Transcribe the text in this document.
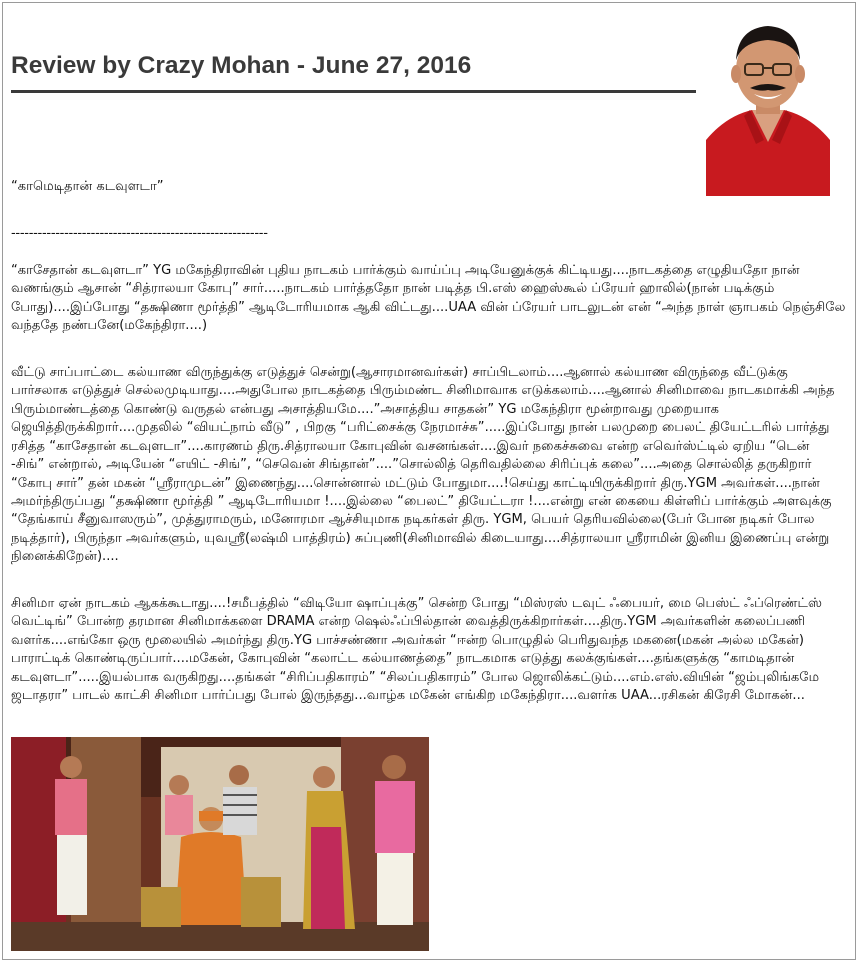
Review by Crazy Mohan - June 27, 2016

“காமெடிதான் கடவுளடா”

----------------------------------------------------------

“காசேதான் கடவுளடா” YG மகேந்திராவின் புதிய நாடகம் பார்க்கும் வாய்ப்பு அடியேனுக்குக் கிட்டியது....நாடகத்தை எழுதியதோ நான் வணங்கும் ஆசான் “சித்ராலயா கோபு” சார்.....நாடகம் பார்த்ததோ நான் படித்த பி.எஸ் ஹைஸ்கூல் ப்ரேயர் ஹாலில்(நான் படிக்கும் போது)....இப்போது “தக்ஷிணா மூர்த்தி” ஆடிடோரியமாக ஆகி விட்டது....UAA வின் ப்ரேயர் பாடலுடன் என் “அந்த நாள் ஞாபகம் நெஞ்சிலே வந்ததே நண்பனே(மகேந்திரா....)

வீட்டு சாப்பாட்டை கல்யாண விருந்துக்கு எடுத்துச் சென்று(ஆசாரமானவர்கள்) சாப்பிடலாம்....ஆனால் கல்யாண விருந்தை வீட்டுக்கு பார்சலாக எடுத்துச் செல்லமுடியாது....அதுபோல நாடகத்தை பிரும்மண்ட சினிமாவாக எடுக்கலாம்....ஆனால் சினிமாவை நாடகமாக்கி அந்த பிரும்மாண்டத்தை கொண்டு வருதல் என்பது அசாத்தியமே....”அசாத்திய சாதகன்” YG மகேந்திரா மூன்றாவது முறையாக ஜெயித்திருக்கிறார்....முதலில் “வியட்நாம் வீடு” , பிறகு “பரிட்சைக்கு நேரமாச்சு”.....இப்போது நான் பலமுறை பைலட் தியேட்டரில் பார்த்து ரசித்த “காசேதான் கடவுளடா”....காரணம் திரு.சித்ராலயா கோபுவின் வசனங்கள்....இவர் நகைச்சுவை என்ற எவெர்ஸ்ட்டில் ஏறிய “டென் -சிங்” என்றால், அடியேன் “எயிட் -சிங்”, “செவென் சிங்தான்”....”சொல்லித் தெரிவதில்லை சிரிப்புக் கலை”....அதை சொல்லித் தருகிறார் “கோபு சார்” தன் மகன் “ஸ்ரீராமுடன்” இணைந்து....சொன்னால் மட்டும் போதுமா....!செய்து காட்டியிருக்கிறார் திரு.YGM அவர்கள்....நான் அமர்ந்திருப்பது “தக்ஷிணா மூர்த்தி ” ஆடிடோரியமா !....இல்லை “பைலட்” தியேட்டரா !....என்று என் கையை கிள்ளிப் பார்க்கும் அளவுக்கு “தேங்காய் சீனுவாஸரும்”, முத்துராமரும், மனோரமா ஆச்சியுமாக நடிகர்கள் திரு. YGM, பெயர் தெரியவில்லை(பேர் போன நடிகர் போல நடித்தார்), பிருந்தா அவர்களும், யுவஸ்ரீ(லஷ்மி பாத்திரம்) சுப்புணி(சினிமாவில் கிடையாது....சித்ராலயா ஸ்ரீராமின் இனிய இணைப்பு என்று நினைக்கிறேன்)....

சினிமா ஏன் நாடகம் ஆகக்கூடாது....!சமீபத்தில் “விடியோ ஷாப்புக்கு” சென்ற போது “மிஸ்ரஸ் டவுட் ஃபையர், மை பெஸ்ட் ஃப்ரெண்ட்ஸ் வெட்டிங்” போன்ற தரமான சினிமாக்களை DRAMA என்ற ஷெல்ஃப்பில்தான் வைத்திருக்கிறார்கள்....திரு.YGM அவர்களின் கலைப்பணி வளர்க....எங்கோ ஒரு மூலையில் அமர்ந்து திரு.YG பாச்சண்ணா அவர்கள் “ஈன்ற பொழுதில் பெரிதுவந்த மகனை(மகன் அல்ல மகேன்) பாராட்டிக் கொண்டிருப்பார்....மகேன், கோபுவின் “கலாட்ட கல்யாணத்தை” நாடகமாக எடுத்து கலக்குங்கள்....தங்களுக்கு “காமடிதான் கடவுளடா”.....இயல்பாக வருகிறது....தங்கள் “சிரிப்பதிகாரம்” “சிலப்பதிகாரம்” போல ஜொலிக்கட்டும்....எம்.எஸ்.வியின் “ஜம்புலிங்கமே ஜடாதரா” பாடல் காட்சி சினிமா பார்ப்பது போல் இருந்தது...வாழ்க மகேன் எங்கிற மகேந்திரா....வளர்க UAA...ரசிகன் கிரேசி மோகன்...
